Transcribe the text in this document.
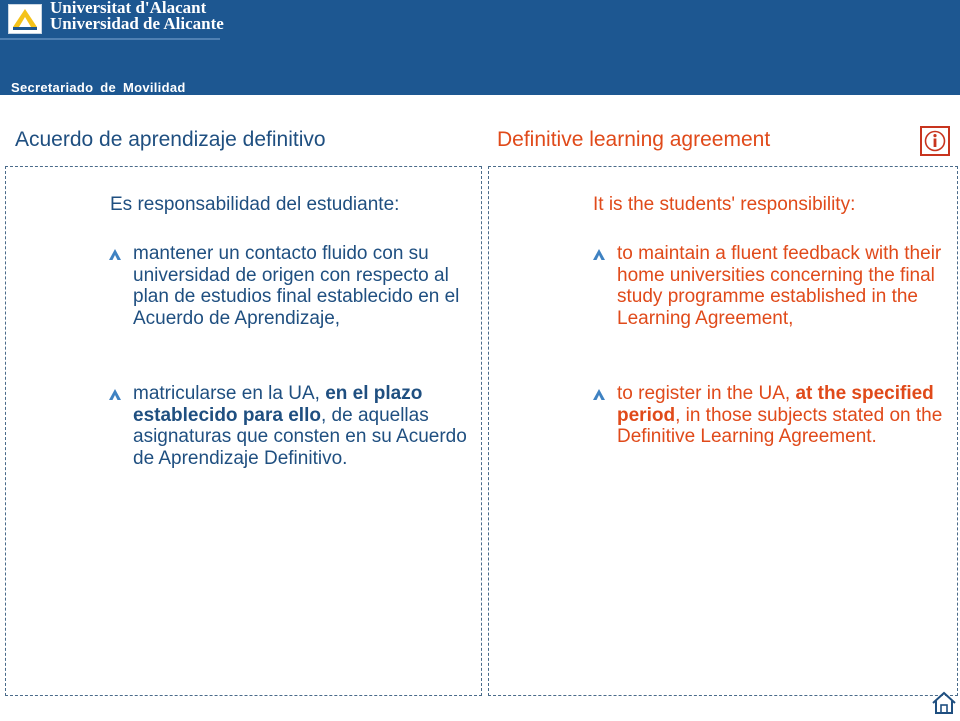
Universitat d'Alacant
Universidad de Alicante
Secretariado de Movilidad
Acuerdo de aprendizaje definitivo	Definitive learning agreement
Es responsabilidad del estudiante:
mantener un contacto fluido con su universidad de origen con respecto al plan de estudios final establecido en el Acuerdo de Aprendizaje,
matricularse en la UA, en el plazo establecido para ello, de aquellas asignaturas que consten en su Acuerdo de Aprendizaje Definitivo.
It is the students' responsibility:
to maintain a fluent feedback with their home universities concerning the final study programme established in the Learning Agreement,
to register in the UA, at the specified period, in those subjects stated on the Definitive Learning Agreement.
